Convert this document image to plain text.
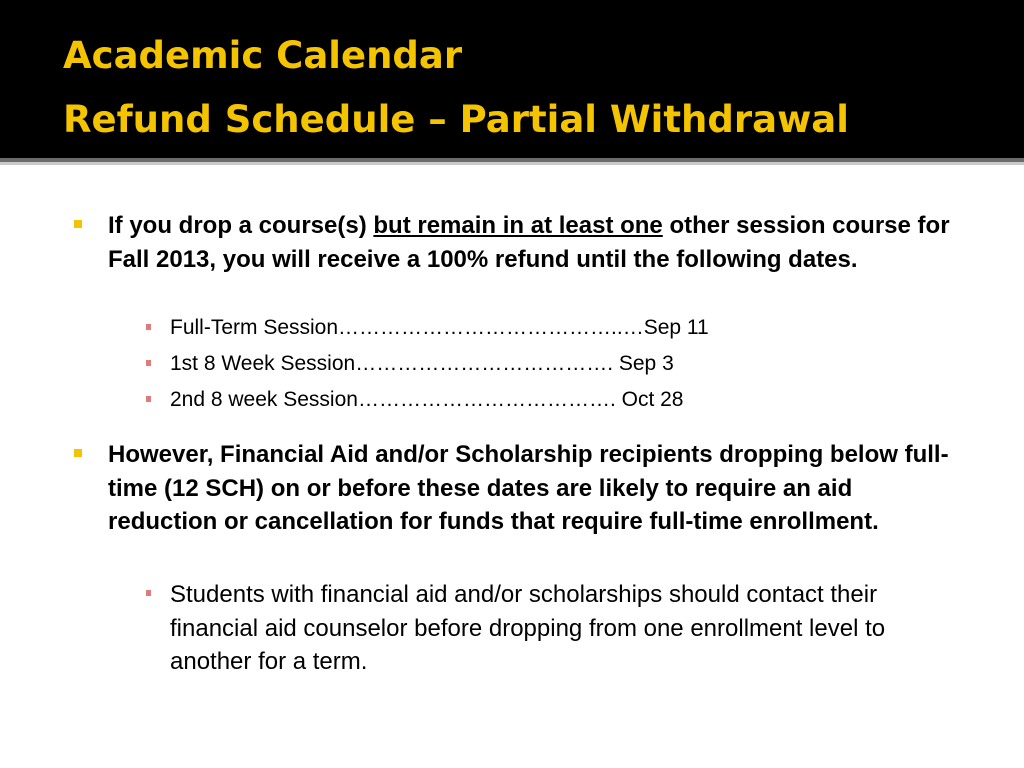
Academic Calendar
Refund Schedule – Partial Withdrawal
If you drop a course(s) but remain in at least one other session course for Fall 2013, you will receive a 100% refund until the following dates.
Full-Term Session…………………………………..…Sep 11
1st 8 Week Session………………………………. Sep 3
2nd 8 week Session………………………………. Oct 28
However, Financial Aid and/or Scholarship recipients dropping below full-time (12 SCH) on or before these dates are likely to require an aid reduction or cancellation for funds that require full-time enrollment.
Students with financial aid and/or scholarships should contact their financial aid counselor before dropping from one enrollment level to another for a term.
